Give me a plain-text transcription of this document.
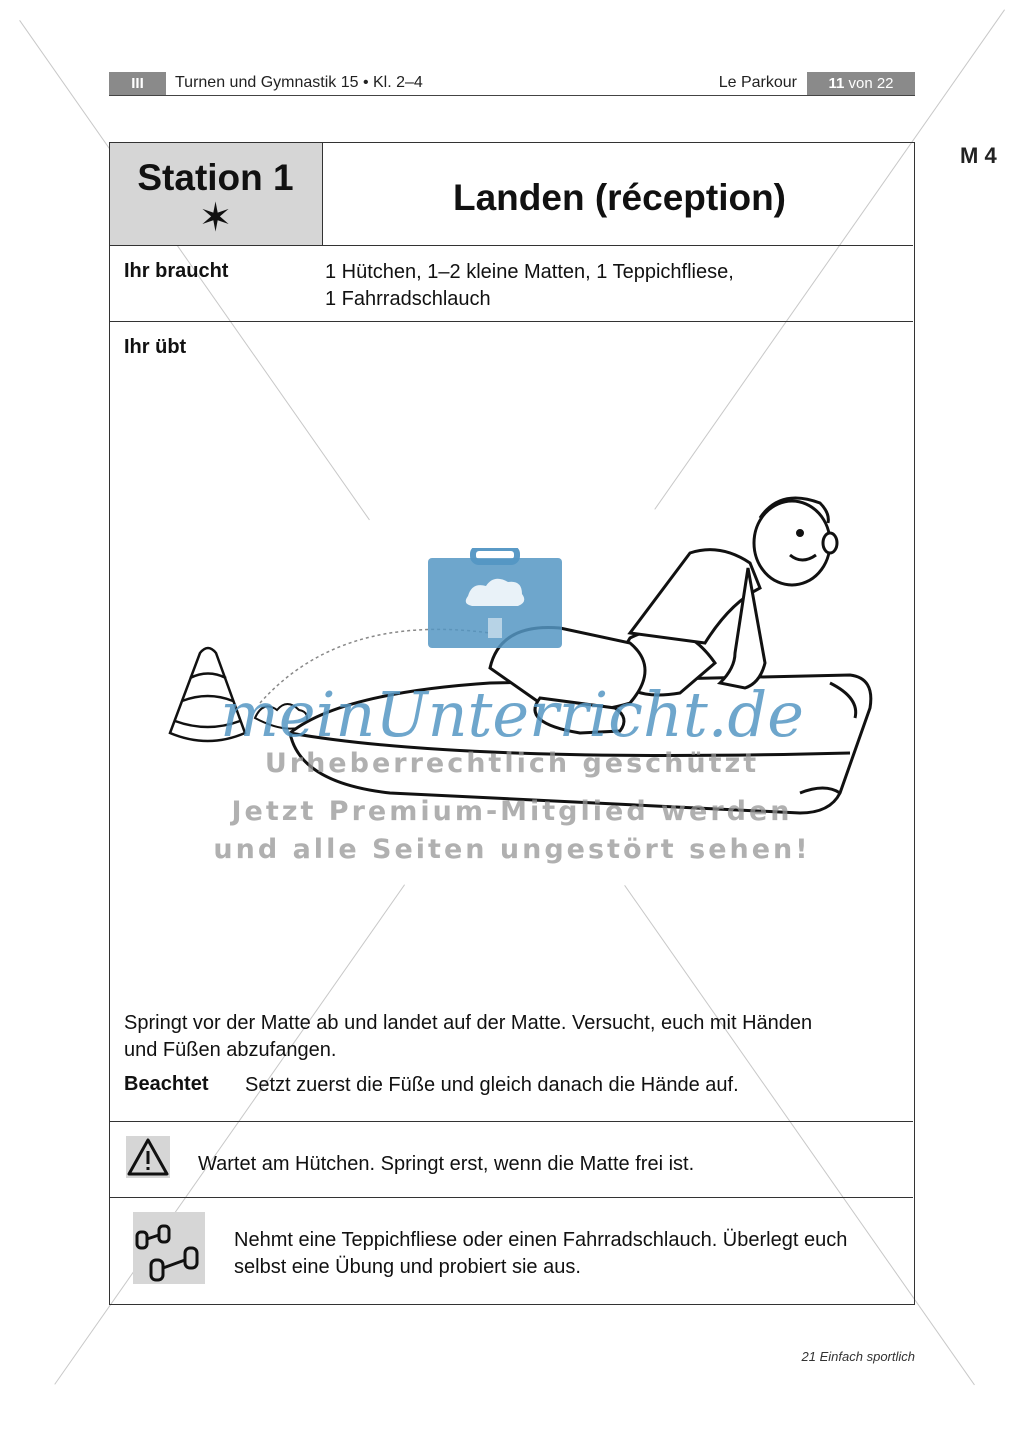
III	Turnen und Gymnastik 15 • Kl. 2–4	Le Parkour	11 von 22
M 4
Station 1
✶	Landen (réception)
Ihr braucht	1 Hütchen, 1–2 kleine Matten, 1 Teppichfliese,
1 Fahrradschlauch
Ihr übt
Springt vor der Matte ab und landet auf der Matte. Versucht, euch mit Händen
und Füßen abzufangen.
Beachtet Setzt zuerst die Füße und gleich danach die Hände auf.
Wartet am Hütchen. Springt erst, wenn die Matte frei ist.
Nehmt eine Teppichfliese oder einen Fahrradschlauch. Überlegt euch
selbst eine Übung und probiert sie aus.
meinUnterricht.de
Urheberrechtlich geschützt
Jetzt Premium-Mitglied werden
und alle Seiten ungestört sehen!
21 Einfach sportlich
